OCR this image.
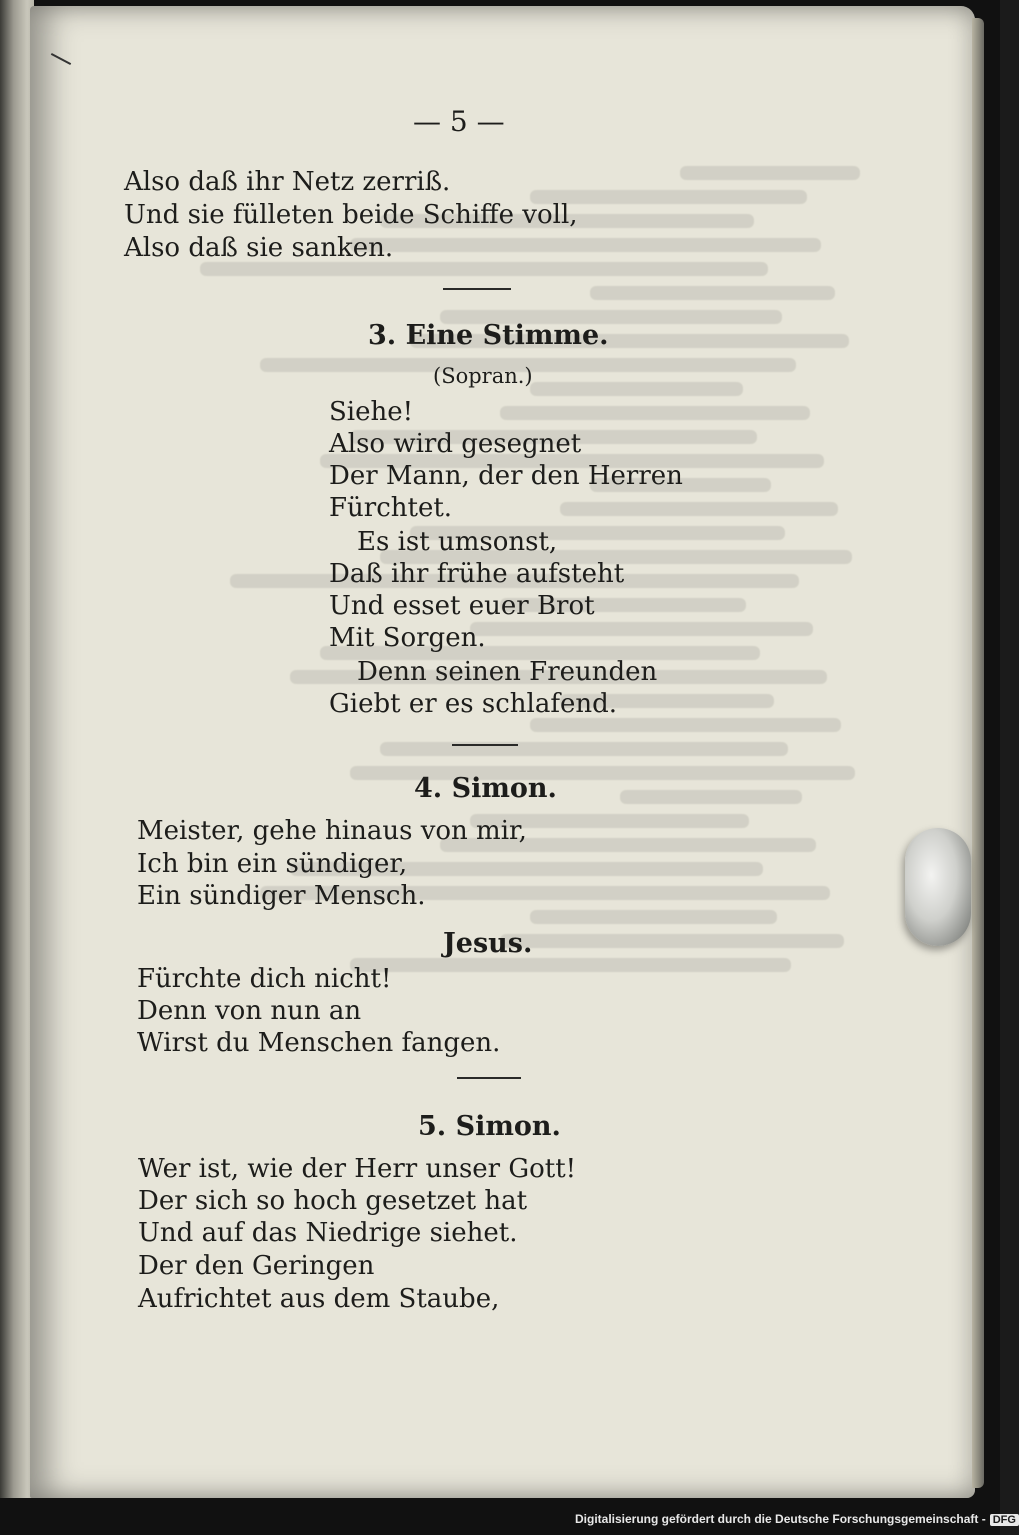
— 5 —
Also daß ihr Netz zerriß.
Und sie fülleten beide Schiffe voll,
Also daß sie sanken.
3. Eine Stimme.
(Sopran.)
Siehe!
Also wird gesegnet
Der Mann, der den Herren
Fürchtet.
Es ist umsonst,
Daß ihr frühe aufsteht
Und esset euer Brot
Mit Sorgen.
Denn seinen Freunden
Giebt er es schlafend.
4. Simon.
Meister, gehe hinaus von mir,
Ich bin ein sündiger,
Ein sündiger Mensch.
Jesus.
Fürchte dich nicht!
Denn von nun an
Wirst du Menschen fangen.
5. Simon.
Wer ist, wie der Herr unser Gott!
Der sich so hoch gesetzet hat
Und auf das Niedrige siehet.
Der den Geringen
Aufrichtet aus dem Staube,
Digitalisierung gefördert durch die Deutsche Forschungsgemeinschaft - DFG
